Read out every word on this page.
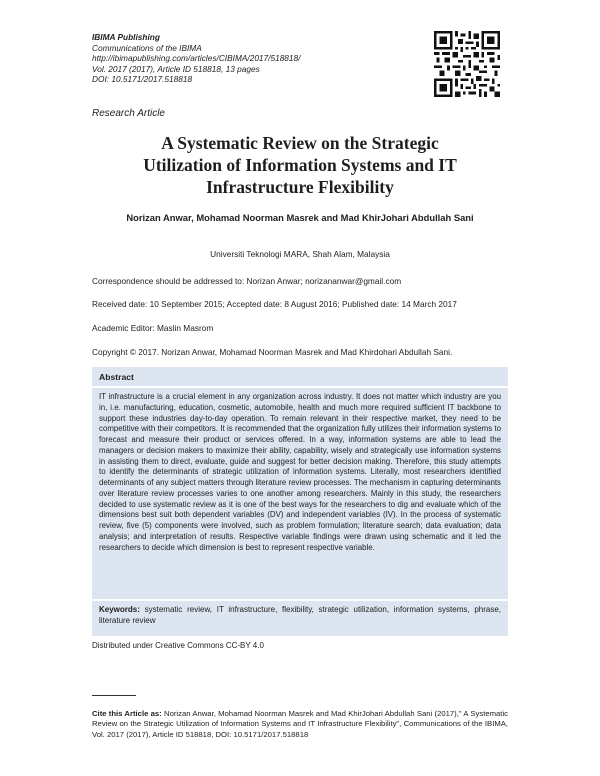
IBIMA Publishing
Communications of the IBIMA
http://ibimapublishing.com/articles/CIBIMA/2017/518818/
Vol. 2017 (2017), Article ID 518818, 13 pages
DOI: 10.5171/2017.518818
Research Article
A Systematic Review on the Strategic
Utilization of Information Systems and IT
Infrastructure Flexibility
Norizan Anwar, Mohamad Noorman Masrek and Mad KhirJohari Abdullah Sani
Universiti Teknologi MARA, Shah Alam, Malaysia
Correspondence should be addressed to: Norizan Anwar; norizananwar@gmail.com
Received date: 10 September 2015; Accepted date: 8 August 2016; Published date: 14 March 2017
Academic Editor: Maslin Masrom
Copyright © 2017. Norizan Anwar, Mohamad Noorman Masrek and Mad Khirdohari Abdullah Sani.
Abstract
IT infrastructure is a crucial element in any organization across industry. It does not matter which industry are you in, i.e. manufacturing, education, cosmetic, automobile, health and much more required sufficient IT backbone to support these industries day-to-day operation. To remain relevant in their respective market, they need to be competitive with their competitors. It is recommended that the organization fully utilizes their information systems to forecast and measure their product or services offered. In a way, information systems are able to lead the managers or decision makers to maximize their ability, capability, wisely and strategically use information systems in assisting them to direct, evaluate, guide and suggest for better decision making. Therefore, this study attempts to identify the determinants of strategic utilization of information systems. Literally, most researchers identified determinants of any subject matters through literature review processes. The mechanism in capturing determinants over literature review processes varies to one another among researchers. Mainly in this study, the researchers decided to use systematic review as it is one of the best ways for the researchers to dig and evaluate which of the dimensions best suit both dependent variables (DV) and independent variables (IV). In the process of systematic review, five (5) components were involved, such as problem formulation; literature search; data evaluation; data analysis; and interpretation of results. Respective variable findings were drawn using schematic and it led the researchers to decide which dimension is best to represent respective variable.
Keywords: systematic review, IT infrastructure, flexibility, strategic utilization, information systems, phrase, literature review
Distributed under Creative Commons CC-BY 4.0
Cite this Article as: Norizan Anwar, Mohamad Noorman Masrek and Mad KhirJohari Abdullah Sani (2017)," A Systematic Review on the Strategic Utilization of Information Systems and IT Infrastructure Flexibility", Communications of the IBIMA, Vol. 2017 (2017), Article ID 518818, DOI: 10.5171/2017.518818
